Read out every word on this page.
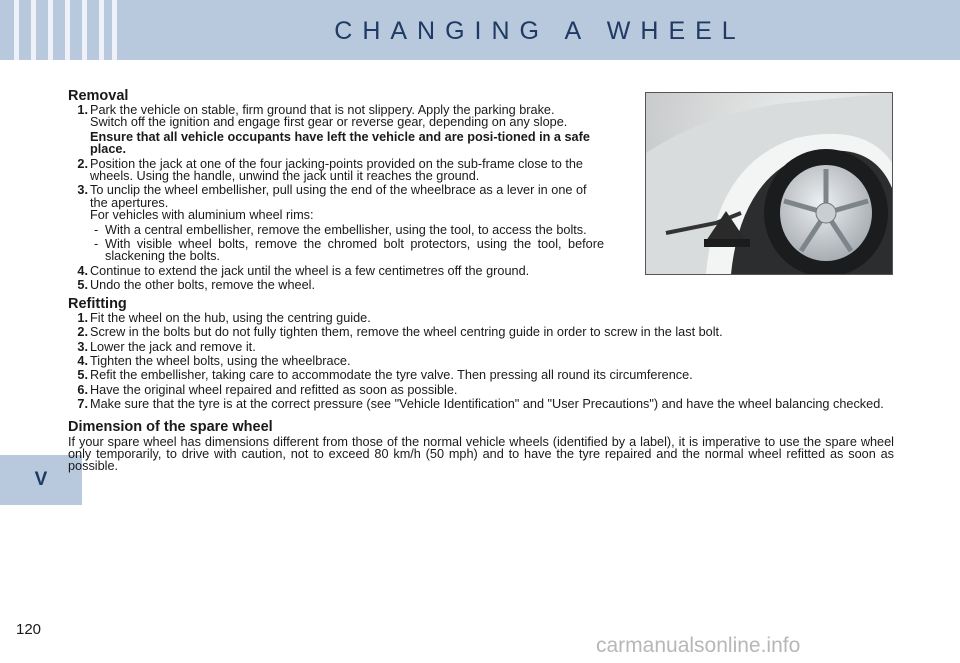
CHANGING A WHEEL
V
Removal
1. Park the vehicle on stable, firm ground that is not slippery. Apply the parking brake.
Switch off the ignition and engage first gear or reverse gear, depending on any slope.
Ensure that all vehicle occupants have left the vehicle and are posi-tioned in a safe place.
2. Position the jack at one of the four jacking-points provided on the sub-frame close to the wheels. Using the handle, unwind the jack until it reaches the ground.
3. To unclip the wheel embellisher, pull using the end of the wheelbrace as a lever in one of the apertures.
For vehicles with aluminium wheel rims:
- With a central embellisher, remove the embellisher, using the tool, to access the bolts.
- With visible wheel bolts, remove the chromed bolt protectors, using the tool, before slackening the bolts.
4. Continue to extend the jack until the wheel is a few centimetres off the ground.
5. Undo the other bolts, remove the wheel.
Refitting
1. Fit the wheel on the hub, using the centring guide.
2. Screw in the bolts but do not fully tighten them, remove the wheel centring guide in order to screw in the last bolt.
3. Lower the jack and remove it.
4. Tighten the wheel bolts, using the wheelbrace.
5. Refit the embellisher, taking care to accommodate the tyre valve. Then pressing all round its circumference.
6. Have the original wheel repaired and refitted as soon as possible.
7. Make sure that the tyre is at the correct pressure (see "Vehicle Identification" and "User Precautions") and have the wheel balancing checked.
Dimension of the spare wheel

If your spare wheel has dimensions different from those of the normal vehicle wheels (identified by a label), it is imperative to use the spare wheel only temporarily, to drive with caution, not to exceed 80 km/h (50 mph) and to have the tyre repaired and the normal wheel refitted as soon as possible.

120
carmanualsonline.info
